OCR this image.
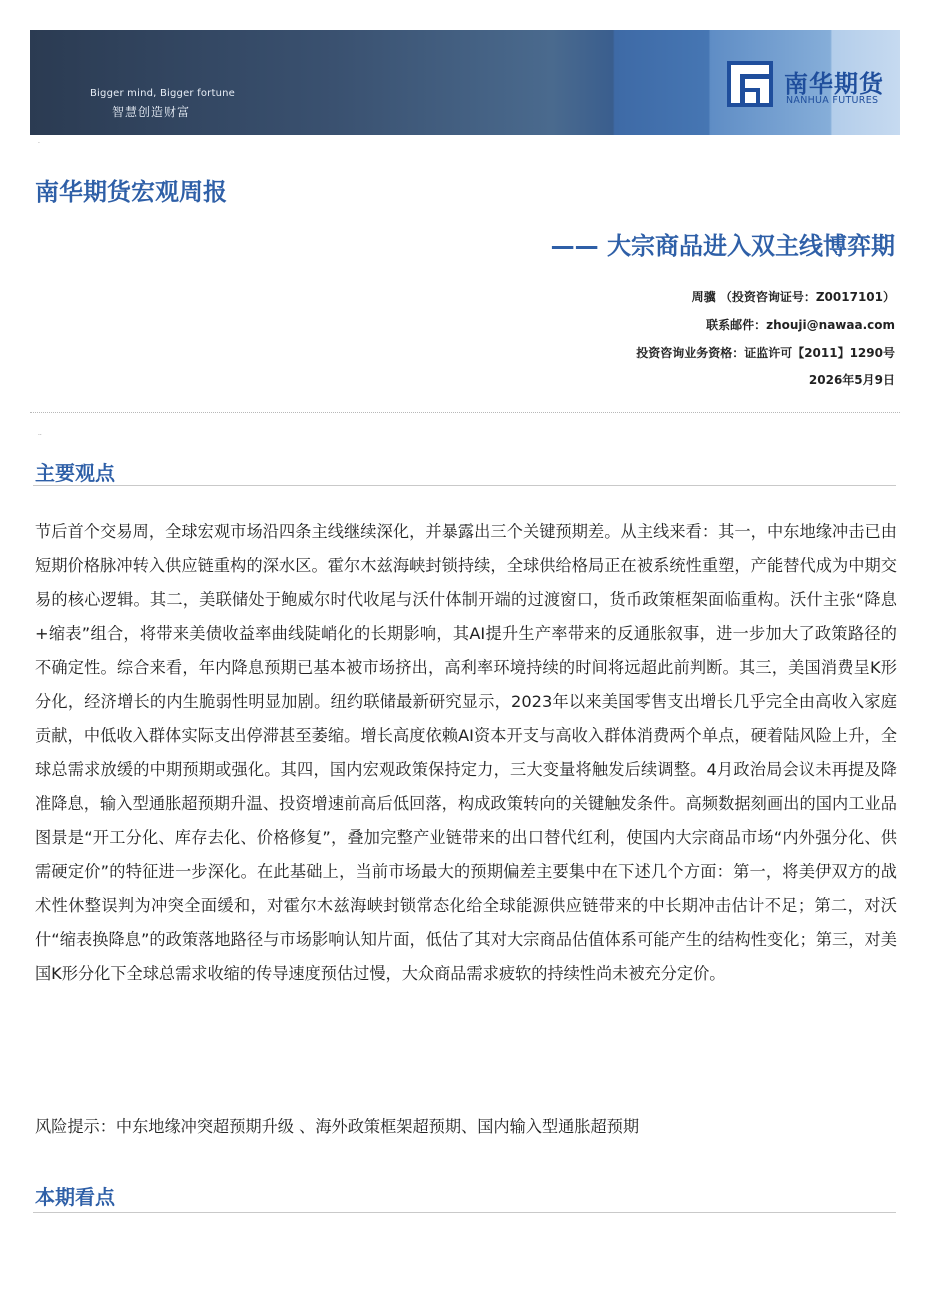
Bigger mind, Bigger fortune
智慧创造财富
南华期货
NANHUA FUTURES
·
南华期货宏观周报
—— 大宗商品进入双主线博弈期
周骥 （投资咨询证号：Z0017101）
联系邮件：zhouji@nawaa.com
投资咨询业务资格：证监许可【2011】1290号
2026年5月9日
··
主要观点
节后首个交易周，全球宏观市场沿四条主线继续深化，并暴露出三个关键预期差。从主线来看：其一，中东地缘冲击已由短期价格脉冲转入供应链重构的深水区。霍尔木兹海峡封锁持续，全球供给格局正在被系统性重塑，产能替代成为中期交易的核心逻辑。其二，美联储处于鲍威尔时代收尾与沃什体制开端的过渡窗口，货币政策框架面临重构。沃什主张“降息+缩表”组合，将带来美债收益率曲线陡峭化的长期影响，其AI提升生产率带来的反通胀叙事，进一步加大了政策路径的不确定性。综合来看，年内降息预期已基本被市场挤出，高利率环境持续的时间将远超此前判断。其三，美国消费呈K形分化，经济增长的内生脆弱性明显加剧。纽约联储最新研究显示，2023年以来美国零售支出增长几乎完全由高收入家庭贡献，中低收入群体实际支出停滞甚至萎缩。增长高度依赖AI资本开支与高收入群体消费两个单点，硬着陆风险上升，全球总需求放缓的中期预期或强化。其四，国内宏观政策保持定力，三大变量将触发后续调整。4月政治局会议未再提及降准降息，输入型通胀超预期升温、投资增速前高后低回落，构成政策转向的关键触发条件。高频数据刻画出的国内工业品图景是“开工分化、库存去化、价格修复”，叠加完整产业链带来的出口替代红利，使国内大宗商品市场“内外强分化、供需硬定价”的特征进一步深化。在此基础上，当前市场最大的预期偏差主要集中在下述几个方面：第一，将美伊双方的战术性休整误判为冲突全面缓和，对霍尔木兹海峡封锁常态化给全球能源供应链带来的中长期冲击估计不足；第二，对沃什“缩表换降息”的政策落地路径与市场影响认知片面，低估了其对大宗商品估值体系可能产生的结构性变化；第三，对美国K形分化下全球总需求收缩的传导速度预估过慢，大众商品需求疲软的持续性尚未被充分定价。
风险提示：中东地缘冲突超预期升级 、海外政策框架超预期、国内输入型通胀超预期
本期看点
